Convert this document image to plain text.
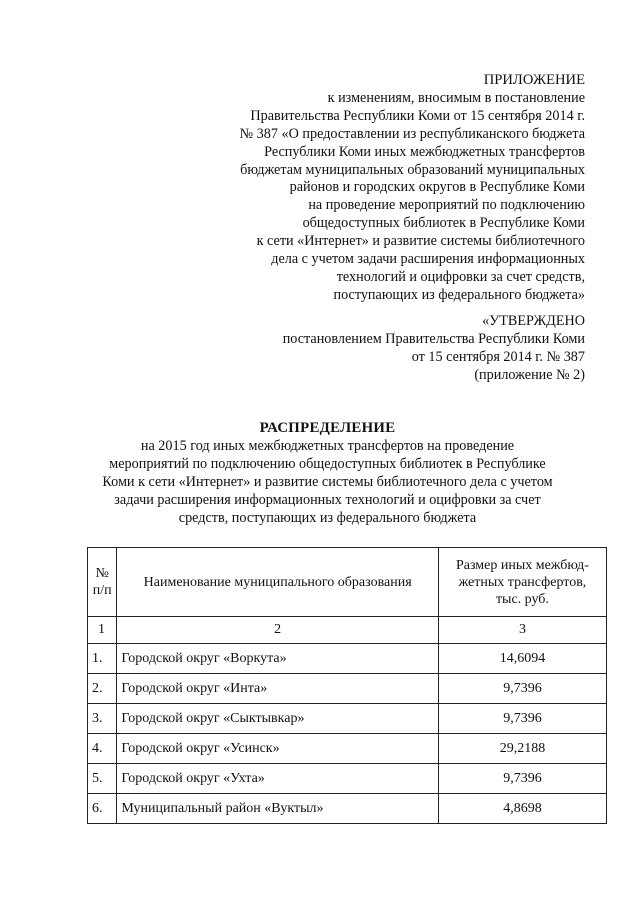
ПРИЛОЖЕНИЕ
к изменениям, вносимым в постановление
Правительства Республики Коми от 15 сентября 2014 г.
№ 387 «О предоставлении из республиканского бюджета
Республики Коми иных межбюджетных трансфертов
бюджетам муниципальных образований муниципальных
районов и городских округов в Республике Коми
на проведение мероприятий по подключению
общедоступных библиотек в Республике Коми
к сети «Интернет» и развитие системы библиотечного
дела с учетом задачи расширения информационных
технологий и оцифровки за счет средств,
поступающих из федерального бюджета»
«УТВЕРЖДЕНО
постановлением Правительства Республики Коми
от 15 сентября 2014 г. № 387
(приложение № 2)
РАСПРЕДЕЛЕНИЕ
на 2015 год иных межбюджетных трансфертов на проведение
мероприятий по подключению общедоступных библиотек в Республике
Коми к сети «Интернет» и развитие системы библиотечного дела с учетом
задачи расширения информационных технологий и оцифровки за счет
средств, поступающих из федерального бюджета
№
п/п	Наименование муниципального образования	Размер иных межбюд-
жетных трансфертов,
тыс. руб.
1	2	3
1.	Городской округ «Воркута»	14,6094
2.	Городской округ «Инта»	9,7396
3.	Городской округ «Сыктывкар»	9,7396
4.	Городской округ «Усинск»	29,2188
5.	Городской округ «Ухта»	9,7396
6.	Муниципальный район «Вуктыл»	4,8698
